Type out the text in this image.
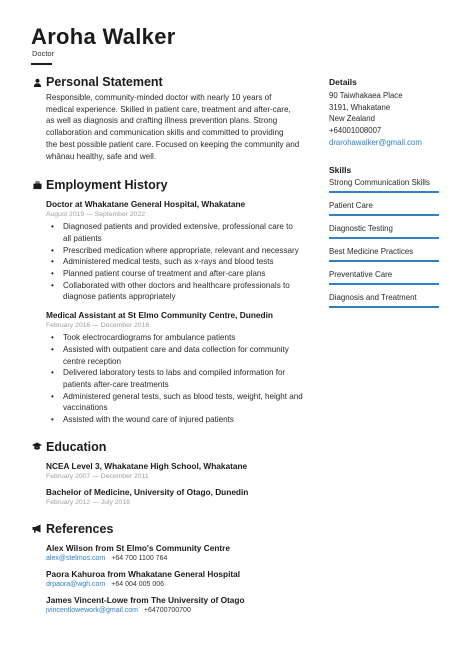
Aroha Walker
Doctor
Personal Statement
Responsible, community-minded doctor with nearly 10 years of
medical experience. Skilled in patient care, treatment and after-care,
as well as diagnosis and crafting illness prevention plans. Strong
collaboration and communication skills and committed to providing
the best possible patient care. Focused on keeping the community and
whānau healthy, safe and well.
Employment History
Doctor at Whakatane General Hospital, Whakatane
August 2019 — September 2022
• Diagnosed patients and provided extensive, professional care to
all patients
• Prescribed medication where appropriate, relevant and necessary
• Administered medical tests, such as x-rays and blood tests
• Planned patient course of treatment and after-care plans
• Collaborated with other doctors and healthcare professionals to
diagnose patients appropriately
Medical Assistant at St Elmo Community Centre, Dunedin
February 2016 — December 2016
• Took electrocardiograms for ambulance patients
• Assisted with outpatient care and data collection for community
centre reception
• Delivered laboratory tests to labs and compiled information for
patients after-care treatments
• Administered general tests, such as blood tests, weight, height and
vaccinations
• Assisted with the wound care of injured patients
Education
NCEA Level 3, Whakatane High School, Whakatane
February 2007 — December 2011
Bachelor of Medicine, University of Otago, Dunedin
February 2012 — July 2018
References
Alex Wilson from St Elmo's Community Centre
alex@stelmos.com +64 700 1100 764
Paora Kahuroa from Whakatane General Hospital
drpaora@wgh.com +64 004 005 006
James Vincent-Lowe from The University of Otago
jvincentlowework@gmail.com +64700700700
Details
90 Taiwhakaea Place
3191, Whakatane
New Zealand
+64001008007
drarohawalker@gmail.com
Skills
Strong Communication Skills
Patient Care
Diagnostic Testing
Best Medicine Practices
Preventative Care
Diagnosis and Treatment
